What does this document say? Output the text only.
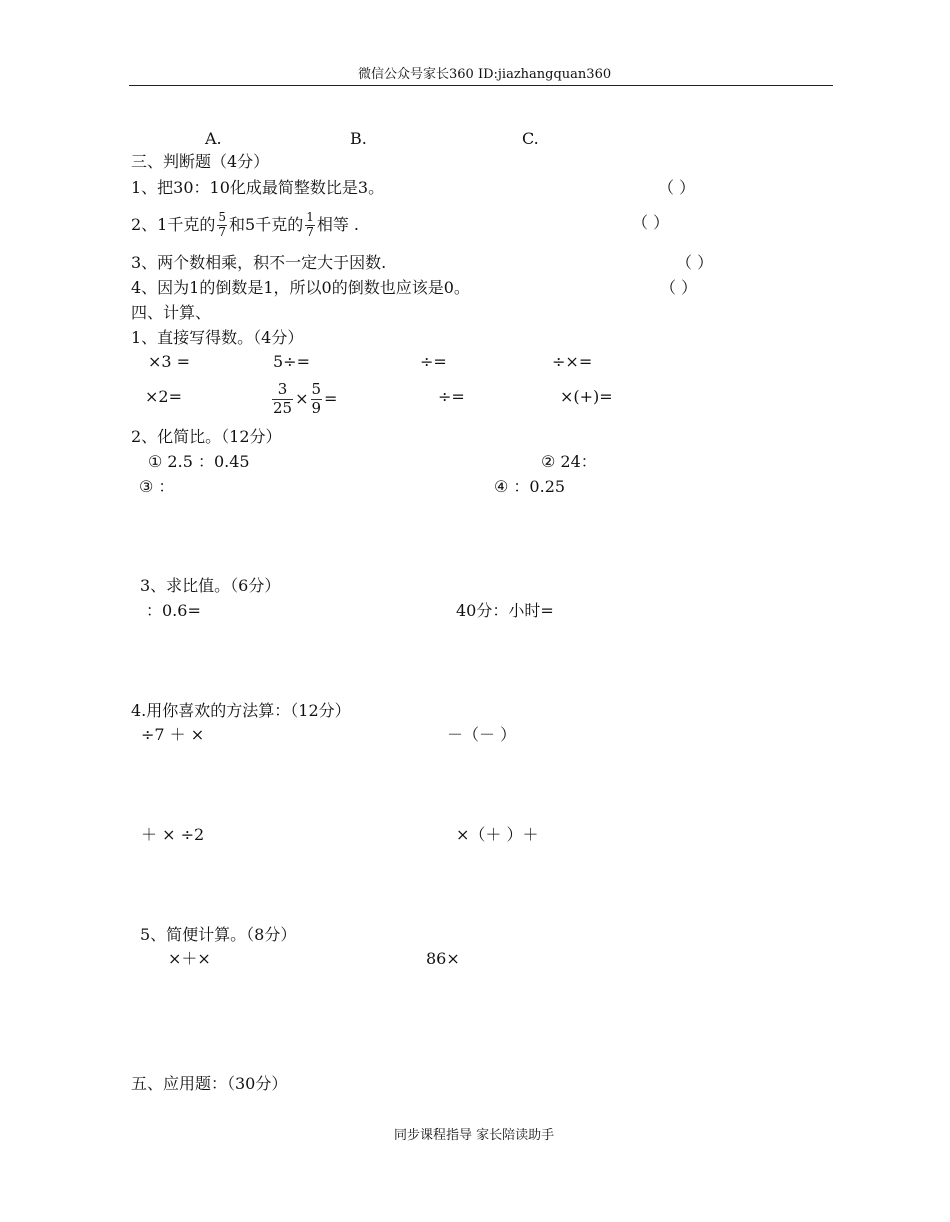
微信公众号家长360 ID:jiazhangquan360
A.	B.	C.
三、判断题（4分）
1、把30：10化成最简整数比是3。	（ ）
2、1千克的 $\frac{5}{7}$ 和5千克的 $\frac{1}{7}$ 相等 .	（ ）
3、两个数相乘，积不一定大于因数.	（ ）
4、因为1的倒数是1，所以0的倒数也应该是0。	（ ）
四、计算、
1、直接写得数。（4分）
×3 =	5÷=	÷=	÷×=
×2=	$\frac{3}{25} \times \frac{5}{9}$ =	÷=	×(+)=
2、化简比。（12分）
① 2.5 ：0.45	② 24：
③ ：	④ ：0.25
3、求比值。（6分）
：0.6=	40分：小时=
4.用你喜欢的方法算：（12分）
÷7 ＋ ×	－（－ ）
＋ × ÷2	×（＋ ）＋
5、简便计算。（8分）
×＋×	86×
五、应用题：（30分）
同步课程指导 家长陪读助手
